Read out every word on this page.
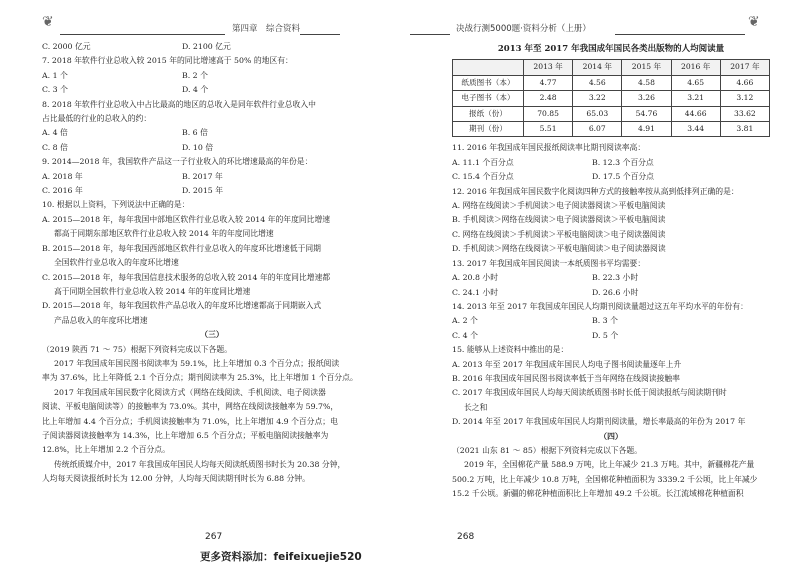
❦	第四章　综合资料	决战行测5000题·资料分析（上册）	❦
C. 2000 亿元	D. 2100 亿元

7. 2018 年软件行业总收入较 2015 年的同比增速高于 50% 的地区有：

A. 1 个	B. 2 个
C. 3 个	D. 4 个

8. 2018 年软件行业总收入中占比最高的地区的总收入是同年软件行业总收入中

占比最低的行业的总收入的约：

A. 4 倍	B. 6 倍
C. 8 倍	D. 10 倍

9. 2014—2018 年，我国软件产品这一子行业收入的环比增速最高的年份是：

A. 2018 年	B. 2017 年
C. 2016 年	D. 2015 年

10. 根据以上资料，下列说法中正确的是：

A. 2015—2018 年，每年我国中部地区软件行业总收入较 2014 年的年度同比增速

都高于同期东部地区软件行业总收入较 2014 年的年度同比增速

B. 2015—2018 年，每年我国西部地区软件行业总收入的年度环比增速低于同期

全国软件行业总收入的年度环比增速

C. 2015—2018 年，每年我国信息技术服务的总收入较 2014 年的年度同比增速都

高于同期全国软件行业总收入较 2014 年的年度同比增速

D. 2015—2018 年，每年我国软件产品总收入的年度环比增速都高于同期嵌入式

产品总收入的年度环比增速

（三）

（2019 陕西 71 ～ 75）根据下列资料完成以下各题。

2017 年我国成年国民图书阅读率为 59.1%，比上年增加 0.3 个百分点；报纸阅读

率为 37.6%，比上年降低 2.1 个百分点；期刊阅读率为 25.3%，比上年增加 1 个百分点。

2017 年我国成年国民数字化阅读方式（网络在线阅读、手机阅读、电子阅读器

阅读、平板电脑阅读等）的接触率为 73.0%。其中，网络在线阅读接触率为 59.7%，

比上年增加 4.4 个百分点；手机阅读接触率为 71.0%，比上年增加 4.9 个百分点；电

子阅读器阅读接触率为 14.3%，比上年增加 6.5 个百分点；平板电脑阅读接触率为

12.8%，比上年增加 2.2 个百分点。

传统纸质媒介中，2017 年我国成年国民人均每天阅读纸质图书时长为 20.38 分钟，

人均每天阅读报纸时长为 12.00 分钟，人均每天阅读期刊时长为 6.88 分钟。

267
2013 年至 2017 年我国成年国民各类出版物的人均阅读量
	2013 年	2014 年	2015 年	2016 年	2017 年
纸质图书（本）	4.77	4.56	4.58	4.65	4.66
电子图书（本）	2.48	3.22	3.26	3.21	3.12
报纸（份）	70.85	65.03	54.76	44.66	33.62
期刊（份）	5.51	6.07	4.91	3.44	3.81

11. 2016 年我国成年国民报纸阅读率比期刊阅读率高：

A. 11.1 个百分点	B. 12.3 个百分点
C. 15.4 个百分点	D. 17.5 个百分点

12. 2016 年我国成年国民数字化阅读四种方式的接触率按从高到低排列正确的是：

A. 网络在线阅读＞手机阅读＞电子阅读器阅读＞平板电脑阅读

B. 手机阅读＞网络在线阅读＞电子阅读器阅读＞平板电脑阅读

C. 网络在线阅读＞手机阅读＞平板电脑阅读＞电子阅读器阅读

D. 手机阅读＞网络在线阅读＞平板电脑阅读＞电子阅读器阅读

13. 2017 年我国成年国民阅读一本纸质图书平均需要：

A. 20.8 小时	B. 22.3 小时
C. 24.1 小时	D. 26.6 小时

14. 2013 年至 2017 年我国成年国民人均期刊阅读量超过这五年平均水平的年份有：

A. 2 个	B. 3 个
C. 4 个	D. 5 个

15. 能够从上述资料中推出的是：

A. 2013 年至 2017 年我国成年国民人均电子图书阅读量逐年上升

B. 2016 年我国成年国民图书阅读率低于当年网络在线阅读接触率

C. 2017 年我国成年国民人均每天阅读纸质图书时长低于阅读报纸与阅读期刊时

长之和

D. 2014 年至 2017 年我国成年国民人均期刊阅读量，增长率最高的年份为 2017 年

（四）

（2021 山东 81 ～ 85）根据下列资料完成以下各题。

2019 年，全国棉花产量 588.9 万吨，比上年减少 21.3 万吨。其中，新疆棉花产量

500.2 万吨，比上年减少 10.8 万吨，全国棉花种植面积为 3339.2 千公顷，比上年减少

15.2 千公顷。新疆的棉花种植面积比上年增加 49.2 千公顷。长江流域棉花种植面积

268
更多资料添加：feifeixuejie520
